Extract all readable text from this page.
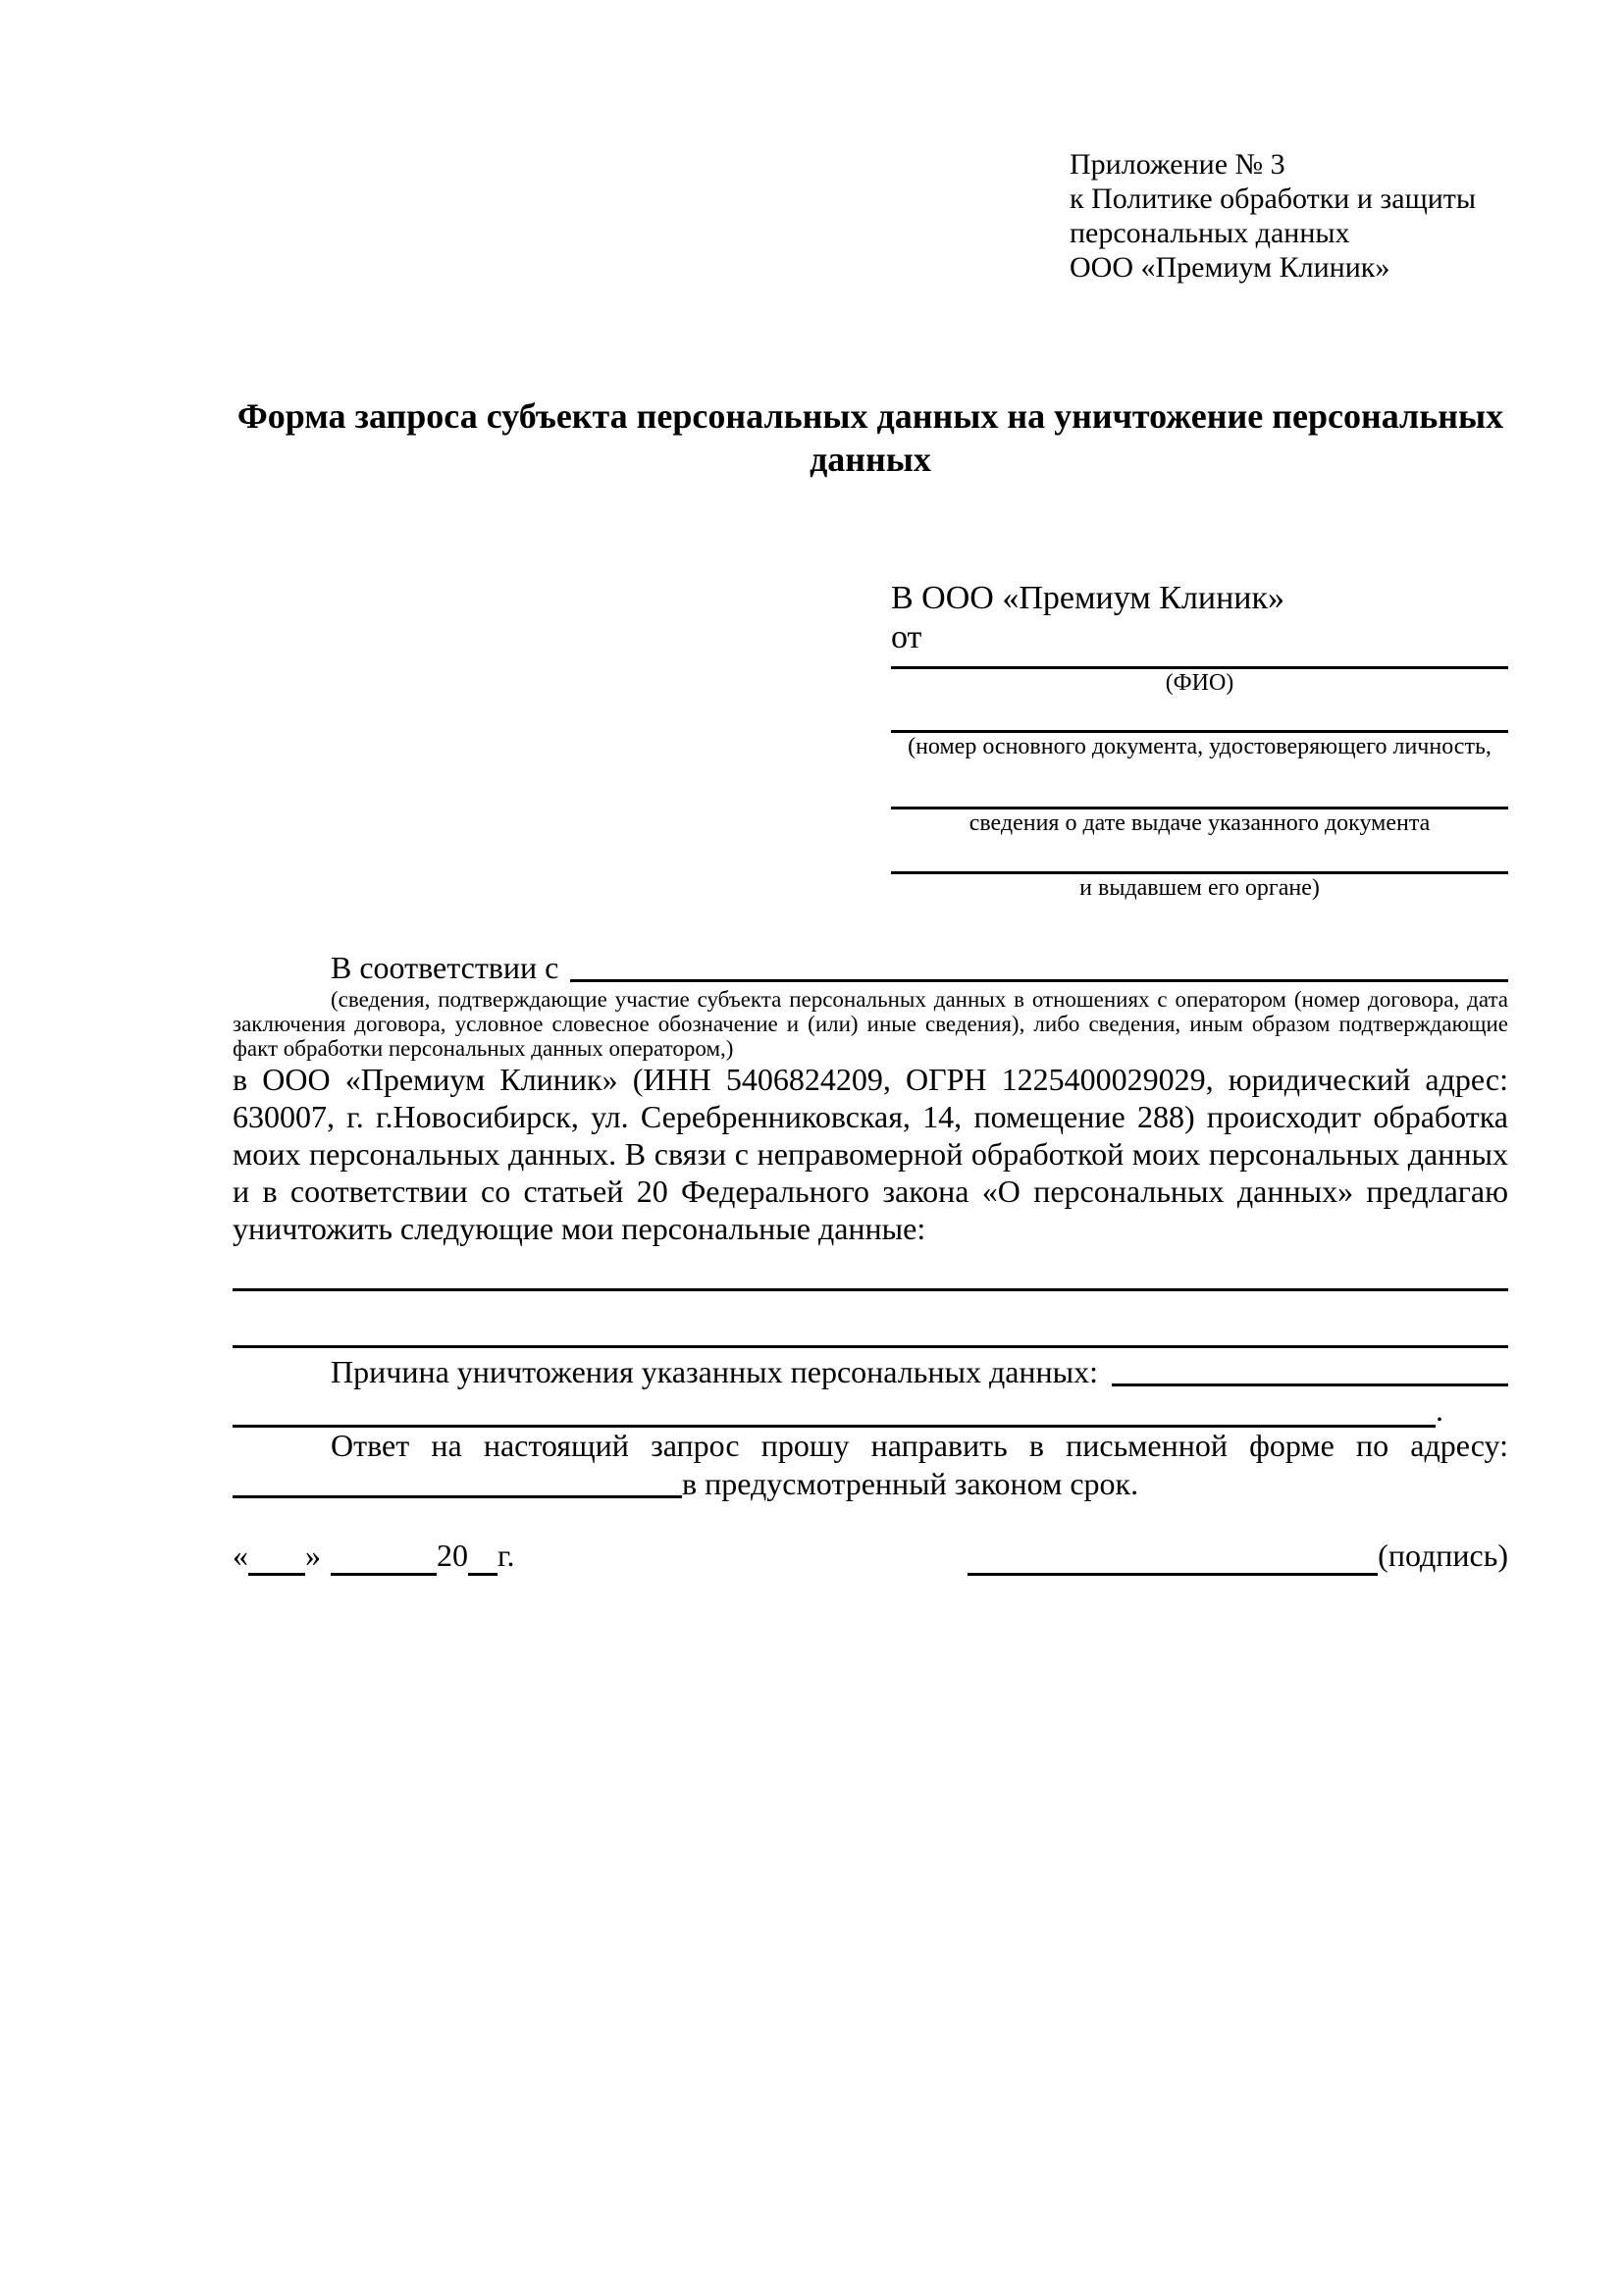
Приложение № 3
к Политике обработки и защиты
персональных данных
ООО «Премиум Клиник»
Форма запроса субъекта персональных данных на уничтожение персональных данных
В ООО «Премиум Клиник»
от
(ФИО)
(номер основного документа, удостоверяющего личность,
сведения о дате выдаче указанного документа
и выдавшем его органе)
В соответствии с
(сведения, подтверждающие участие субъекта персональных данных в отношениях с оператором (номер договора, дата заключения договора, условное словесное обозначение и (или) иные сведения), либо сведения, иным образом подтверждающие факт обработки персональных данных оператором,)
в ООО «Премиум Клиник» (ИНН 5406824209, ОГРН 1225400029029, юридический адрес: 630007, г. г.Новосибирск, ул. Серебренниковская, 14, помещение 288) происходит обработка моих персональных данных. В связи с неправомерной обработкой моих персональных данных и в соответствии со статьей 20 Федерального закона «О персональных данных» предлагаю уничтожить следующие мои персональные данные:
Причина уничтожения указанных персональных данных:
.
Ответ на настоящий запрос прошу направить в письменной форме по адресу:
в предусмотренный законом срок.
« »	20 г.	(подпись)
